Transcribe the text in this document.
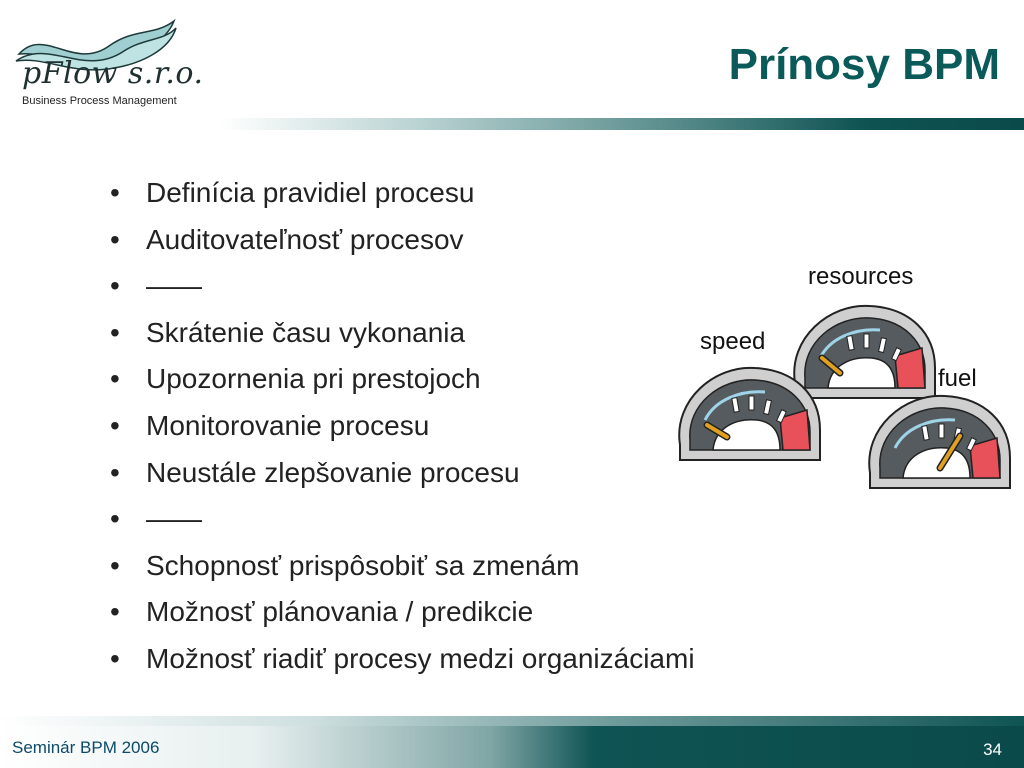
pFlow s.r.o.
Business Process Management
Prínosy BPM
• Definícia pravidiel procesu
• Auditovateľnosť procesov
• ——
• Skrátenie času vykonania
• Upozornenia pri prestojoch
• Monitorovanie procesu
• Neustále zlepšovanie procesu
• ——
• Schopnosť prispôsobiť sa zmenám
• Možnosť plánovania / predikcie
• Možnosť riadiť procesy medzi organizáciami
resources
speed
fuel
Seminár BPM 2006	34
